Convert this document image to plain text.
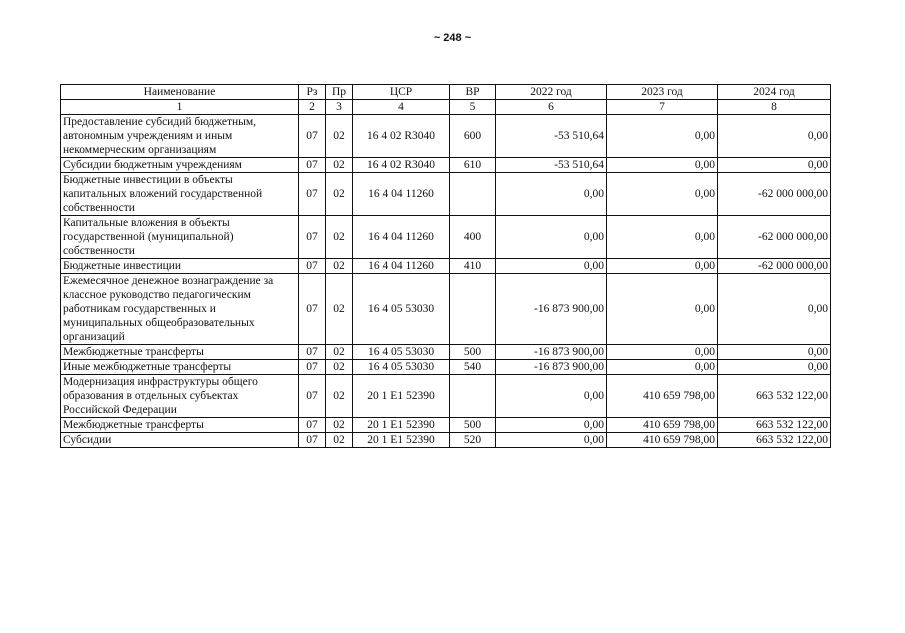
~ 248 ~
Наименование	Рз	Пр	ЦСР	ВР	2022 год	2023 год	2024 год
1	2	3	4	5	6	7	8
Предоставление субсидий бюджетным, автономным учреждениям и иным некоммерческим организациям	07	02	16 4 02 R3040	600	-53 510,64	0,00	0,00
Субсидии бюджетным учреждениям	07	02	16 4 02 R3040	610	-53 510,64	0,00	0,00
Бюджетные инвестиции в объекты капитальных вложений государственной собственности	07	02	16 4 04 11260		0,00	0,00	-62 000 000,00
Капитальные вложения в объекты государственной (муниципальной) собственности	07	02	16 4 04 11260	400	0,00	0,00	-62 000 000,00
Бюджетные инвестиции	07	02	16 4 04 11260	410	0,00	0,00	-62 000 000,00
Ежемесячное денежное вознаграждение за классное руководство педагогическим работникам государственных и муниципальных общеобразовательных организаций	07	02	16 4 05 53030		-16 873 900,00	0,00	0,00
Межбюджетные трансферты	07	02	16 4 05 53030	500	-16 873 900,00	0,00	0,00
Иные межбюджетные трансферты	07	02	16 4 05 53030	540	-16 873 900,00	0,00	0,00
Модернизация инфраструктуры общего образования в отдельных субъектах Российской Федерации	07	02	20 1 E1 52390		0,00	410 659 798,00	663 532 122,00
Межбюджетные трансферты	07	02	20 1 E1 52390	500	0,00	410 659 798,00	663 532 122,00
Субсидии	07	02	20 1 E1 52390	520	0,00	410 659 798,00	663 532 122,00
